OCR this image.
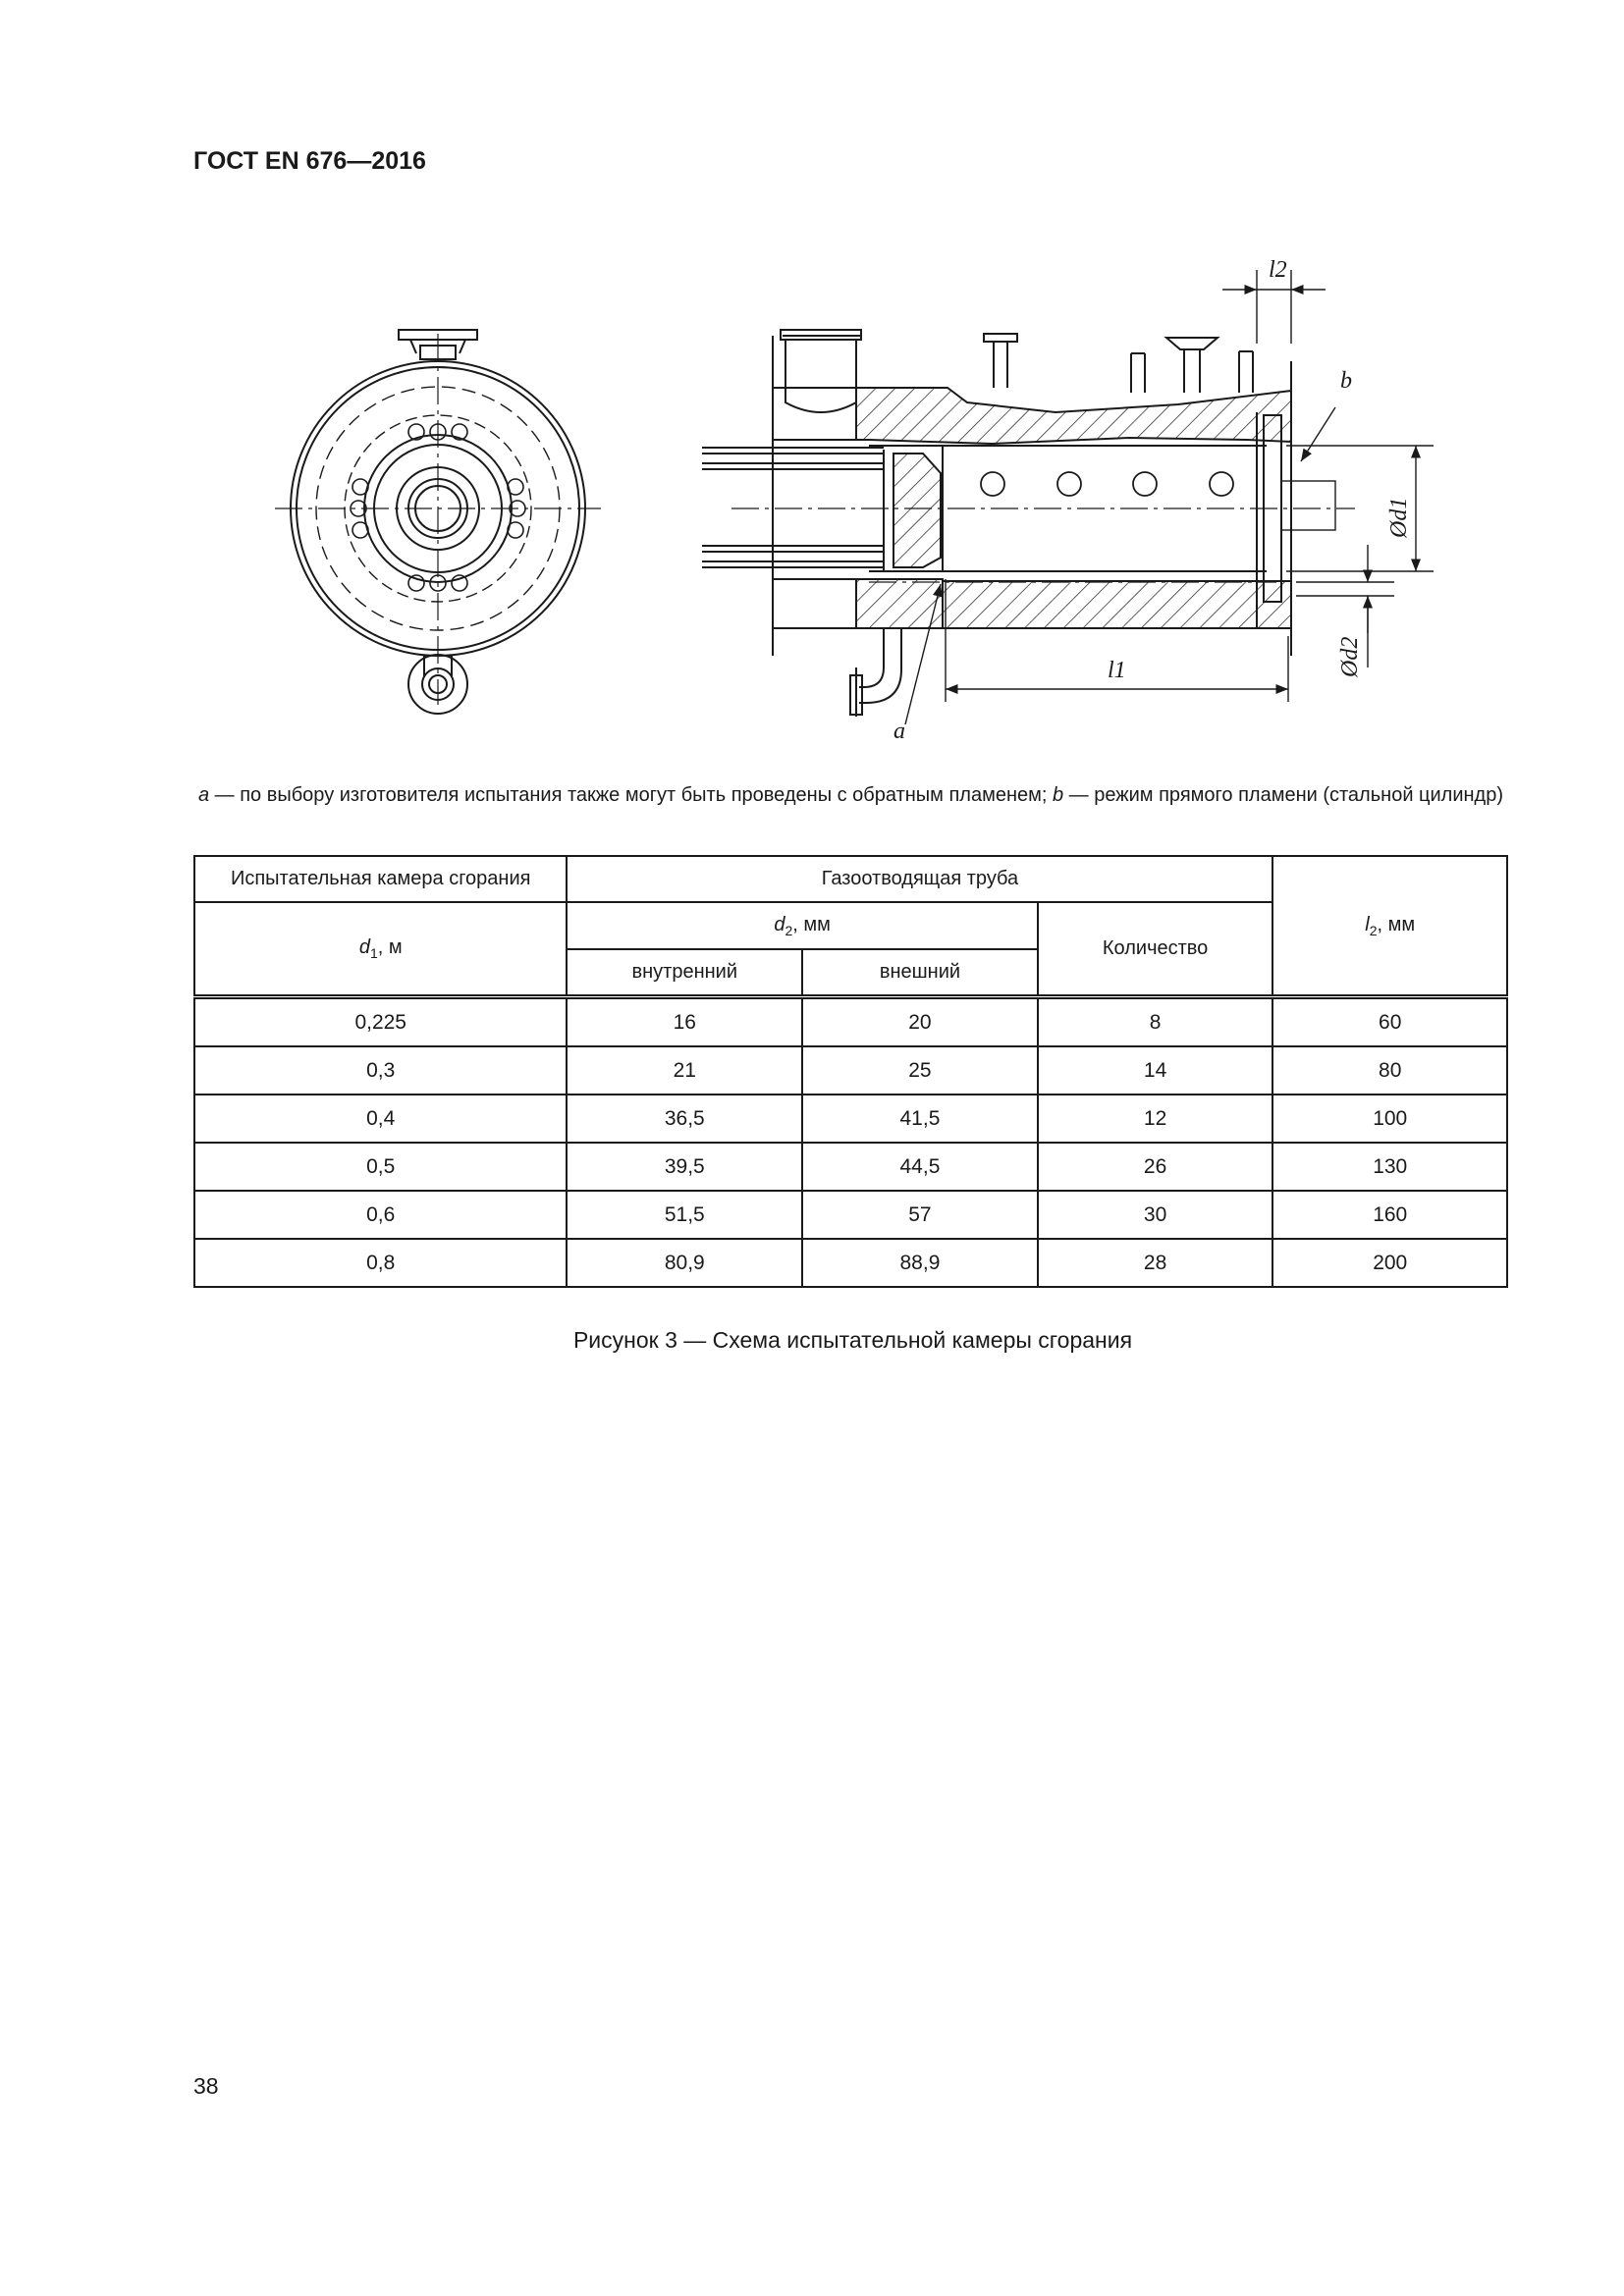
ГОСТ EN 676—2016
l2
l1
a
b
Ød1
Ød2
a — по выбору изготовителя испытания также могут быть проведены с обратным пламенем; b — режим прямого пламени (стальной цилиндр)
Испытательная камера сгорания	Газоотводящая труба			$l_2$, мм
$d_1$, м	$d_2$, мм		Количество	
	внутренний	внешний		
0,225	16	20	8	60
0,3	21	25	14	80
0,4	36,5	41,5	12	100
0,5	39,5	44,5	26	130
0,6	51,5	57	30	160
0,8	80,9	88,9	28	200
Рисунок 3 — Схема испытательной камеры сгорания
38
